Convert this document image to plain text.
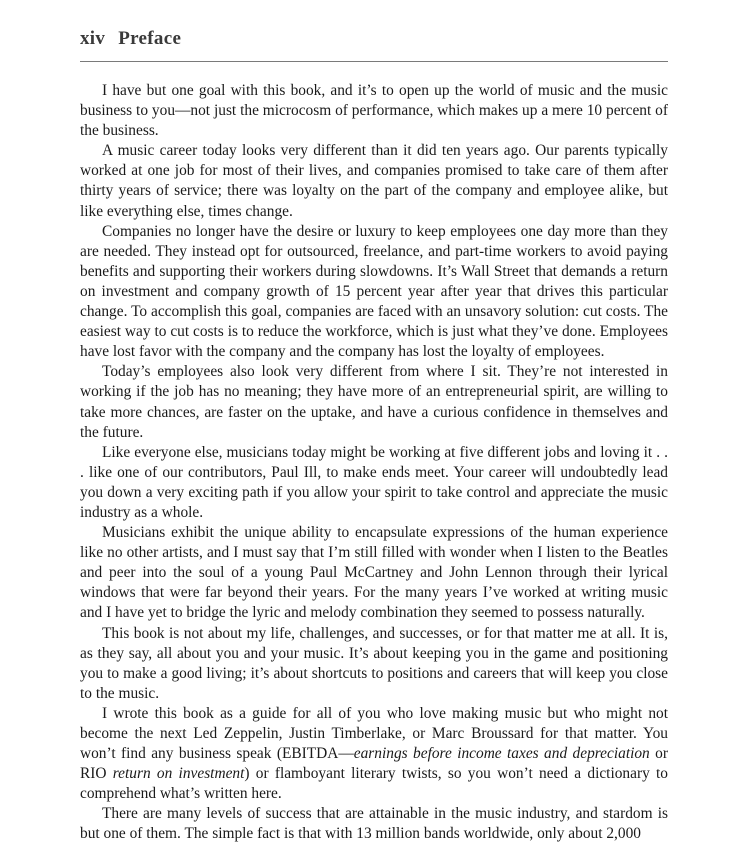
xiv Preface

I have but one goal with this book, and it’s to open up the world of music and the music business to you—not just the microcosm of performance, which makes up a mere 10 percent of the business.

A music career today looks very different than it did ten years ago. Our parents typically worked at one job for most of their lives, and companies promised to take care of them after thirty years of service; there was loyalty on the part of the company and employee alike, but like everything else, times change.

Companies no longer have the desire or luxury to keep employees one day more than they are needed. They instead opt for outsourced, freelance, and part-time workers to avoid paying benefits and supporting their workers during slowdowns. It’s Wall Street that demands a return on investment and company growth of 15 percent year after year that drives this particular change. To accomplish this goal, companies are faced with an unsavory solution: cut costs. The easiest way to cut costs is to reduce the workforce, which is just what they’ve done. Employees have lost favor with the company and the company has lost the loyalty of employees.

Today’s employees also look very different from where I sit. They’re not interested in working if the job has no meaning; they have more of an entrepreneurial spirit, are willing to take more chances, are faster on the uptake, and have a curious confidence in themselves and the future.

Like everyone else, musicians today might be working at five different jobs and loving it . . . like one of our contributors, Paul Ill, to make ends meet. Your career will undoubtedly lead you down a very exciting path if you allow your spirit to take control and appreciate the music industry as a whole.

Musicians exhibit the unique ability to encapsulate expressions of the human experience like no other artists, and I must say that I’m still filled with wonder when I listen to the Beatles and peer into the soul of a young Paul McCartney and John Lennon through their lyrical windows that were far beyond their years. For the many years I’ve worked at writing music and I have yet to bridge the lyric and melody combination they seemed to possess naturally.

This book is not about my life, challenges, and successes, or for that matter me at all. It is, as they say, all about you and your music. It’s about keeping you in the game and positioning you to make a good living; it’s about shortcuts to positions and careers that will keep you close to the music.

I wrote this book as a guide for all of you who love making music but who might not become the next Led Zeppelin, Justin Timberlake, or Marc Broussard for that matter. You won’t find any business speak (EBITDA—earnings before income taxes and depreciation or RIO return on investment) or flamboyant literary twists, so you won’t need a dictionary to comprehend what’s written here.

There are many levels of success that are attainable in the music industry, and stardom is but one of them. The simple fact is that with 13 million bands worldwide, only about 2,000
